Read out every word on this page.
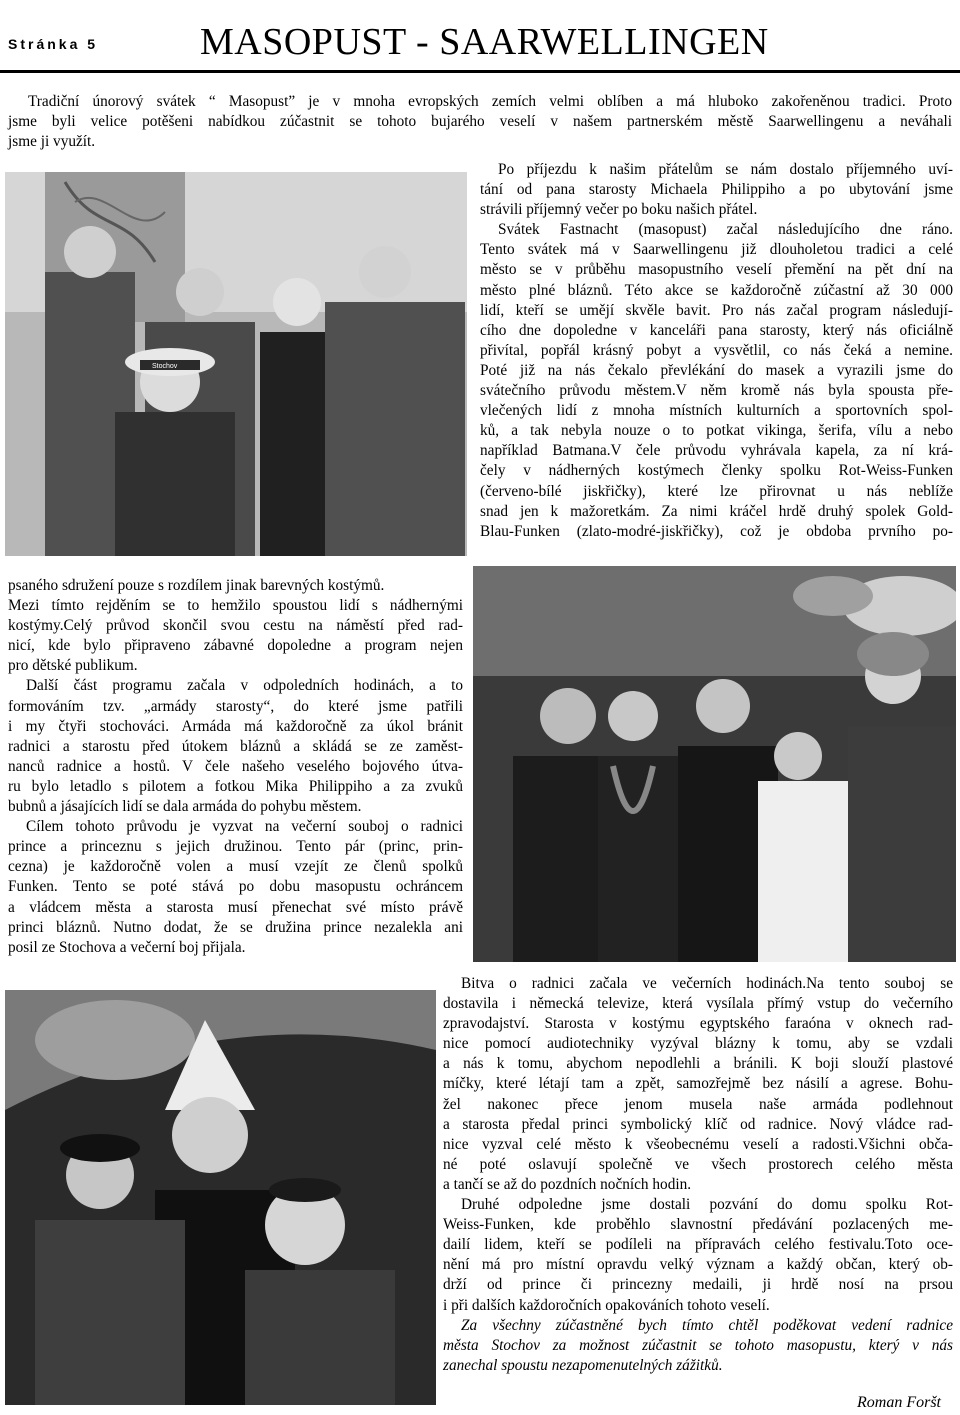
Stránka 5	MASOPUST - SAARWELLINGEN

Tradiční únorový svátek “ Masopust” je v mnoha evropských zemích velmi oblíben a má hluboko zakořeněnou tradici. Proto

jsme byli velice potěšeni nabídkou zúčastnit se tohoto bujarého veselí v našem partnerském městě Saarwellingenu a neváhali

jsme ji využít.

Stochov

Po příjezdu k našim přátelům se nám dostalo příjemného uví-

tání od pana starosty Michaela Philippiho a po ubytování jsme

strávili příjemný večer po boku našich přátel.

Svátek Fastnacht (masopust) začal následujícího dne ráno.

Tento svátek má v Saarwellingenu již dlouholetou tradici a celé

město se v průběhu masopustního veselí přemění na pět dní na

město plné bláznů. Této akce se každoročně zúčastní až 30 000

lidí, kteří se umějí skvěle bavit. Pro nás začal program následují-

cího dne dopoledne v kanceláři pana starosty, který nás oficiálně

přivítal, popřál krásný pobyt a vysvětlil, co nás čeká a nemine.

Poté již na nás čekalo převlékání do masek a vyrazili jsme do

svátečního průvodu městem.V něm kromě nás byla spousta pře-

vlečených lidí z mnoha místních kulturních a sportovních spol-

ků, a tak nebyla nouze o to potkat vikinga, šerifa, vílu a nebo

například Batmana.V čele průvodu vyhrávala kapela, za ní krá-

čely v nádherných kostýmech členky spolku Rot-Weiss-Funken

(červeno-bílé jiskřičky), které lze přirovnat u nás neblíže

snad jen k mažoretkám. Za nimi kráčel hrdě druhý spolek Gold-

Blau-Funken (zlato-modré-jiskřičky), což je obdoba prvního po-

psaného sdružení pouze s rozdílem jinak barevných kostýmů.

Mezi tímto rejděním se to hemžilo spoustou lidí s nádhernými

kostýmy.Celý průvod skončil svou cestu na náměstí před rad-

nicí, kde bylo připraveno zábavné dopoledne a program nejen

pro dětské publikum.

Další část programu začala v odpoledních hodinách, a to

formováním tzv. „armády starosty“, do které jsme patřili

i my čtyři stochováci. Armáda má každoročně za úkol bránit

radnici a starostu před útokem bláznů a skládá se ze zaměst-

nanců radnice a hostů. V čele našeho veselého bojového útva-

ru bylo letadlo s pilotem a fotkou Mika Philippiho a za zvuků

bubnů a jásajících lidí se dala armáda do pohybu městem.

Cílem tohoto průvodu je vyzvat na večerní souboj o radnici

prince a princeznu s jejich družinou. Tento pár (princ, prin-

cezna) je každoročně volen a musí vzejít ze členů spolků

Funken. Tento se poté stává po dobu masopustu ochráncem

a vládcem města a starosta musí přenechat své místo právě

princi bláznů. Nutno dodat, že se družina prince nezalekla ani

posil ze Stochova a večerní boj přijala.

Bitva o radnici začala ve večerních hodinách.Na tento souboj se

dostavila i německá televize, která vysílala přímý vstup do večerního

zpravodajství. Starosta v kostýmu egyptského faraóna v oknech rad-

nice pomocí audiotechniky vyzýval blázny k tomu, aby se vzdali

a nás k tomu, abychom nepodlehli a bránili. K boji slouží plastové

míčky, které létají tam a zpět, samozřejmě bez násilí a agrese. Bohu-

žel nakonec přece jenom musela naše armáda podlehnout

a starosta předal princi symbolický klíč od radnice. Nový vládce rad-

nice vyzval celé město k všeobecnému veselí a radosti.Všichni obča-

né poté oslavují společně ve všech prostorech celého města

a tančí se až do pozdních nočních hodin.

Druhé odpoledne jsme dostali pozvání do domu spolku Rot-

Weiss-Funken, kde proběhlo slavnostní předávání pozlacených me-

dailí lidem, kteří se podíleli na přípravách celého festivalu.Toto oce-

nění má pro místní opravdu velký význam a každý občan, který ob-

drží od prince či princezny medaili, ji hrdě nosí na prsou

i při dalších každoročních opakováních tohoto veselí.

Za všechny zúčastněné bych tímto chtěl poděkovat vedení radnice

města Stochov za možnost zúčastnit se tohoto masopustu, který v nás

zanechal spoustu nezapomenutelných zážitků.

Roman Foršt
